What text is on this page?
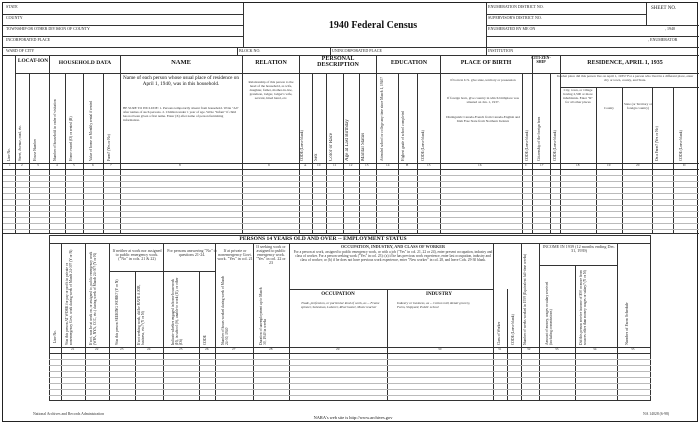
STATE
COUNTY
TOWNSHIP OR OTHER DIVISION OF COUNTY
INCORPORATED PLACE
WARD OF CITY	BLOCK NO.	UNINCORPORATED PLACE
1940 Federal Census
ENUMERATION DISTRICT NO.
SUPERVISOR'S DISTRICT NO.
ENUMERATED BY ME ON	, 1940
, ENUMERATOR
INSTITUTION
SHEET NO.
LOCAT-ION	HOUSEHOLD DATA	NAME	RELATION
PERSONAL DESCRIPTION	EDUCATION	PLACE OF BIRTH
CITI-ZEN-SHIP	RESIDENCE, APRIL 1, 1935
Name of each person whose usual place of residence on April 1, 1940, was in this household.
BE SURE TO INCLUDE: 1. Persons temporarily absent from household. Write "Ab" after names of such persons. 2. Children under 1 year of age. Write "Infant" if child has not been given a first name. Enter (X) after name of person furnishing information.
Relationship of this person to the head of the household, as wife, daughter, father, mother-in-law, grandson, lodger, lodger's wife, servant, hired hand, etc.
If born in U.S. give state, territory or possession
If foreign born, give country in which birthplace was situated on Jan. 1, 1937.
Distinguish: Canada-French from Canada-English and Irish Free State from Northern Ireland.
In what place did this person live on April 1, 1935? For a person who lived in a different place, enter city or town, county, and State.
City, town, or village having 2,500 or more inhabitants. Enter "R" for all other places
County
State (or Territory or foreign country)
Line No.	Street, Avenue, road, etc.	House Number	Number of household in order of visitation	Home owned (O) or rented (R)	Value of home or Monthly rental if rented	Farm? (Yes or No)	CODE (Leave blank)	Sex	Color or Race	Age at Last Birthday	Marital Status	Attended school or college any time since March 1, 1940?	Highest grade of school completed	CODE (Leave blank)	CODE (Leave blank)	Citizenship of the foreign born	CODE (Leave blank)	On a Farm? (Yes or No)	CODE (Leave blank)
1	2	3	4	5	6	7	8	9	A	10	11	12	13	14	B	15	16	C	17	18	19	20	D
PERSONS 14 YEARS OLD AND OVER -- EMPLOYMENT STATUS
Line No.	Was this person AT WORK for pay or profit in private or nonemergency Govt. work during week of March 24-30? (Y or N)	If not, was he at work on, or assigned to, public emergency work (WPA, NYA, CCC, etc.) during week of March 24-30? (Y or N)
If neither at work nor assigned to public emergency work. ("No" in cols. 21 & 22)
Was this person SEEKING WORK? (Y or N)	If not seeking work, did he HAVE A JOB, business, etc.? (Y or N)
For persons answering "No" to questions 21-24.
Indicate whether engaged in home housework (H), in school (S), unable to work (U), or other (Ot)	CODE
If at private or nonemergency Govt. work. "Yes" in col. 21
Number of hours worked during week of March 24-30, 1940
If seeking work or assigned to public emergency work. "Yes" in col. 22 or 23
Duration of unemployment up to March 30, 1940 in weeks
OCCUPATION, INDUSTRY, AND CLASS OF WORKER
For a person at work, assigned to public emergency work, or with a job ("Yes" in col. 21, 22 or 24), enter present occupation, industry and class of worker. For a person seeking work ("Yes" in col. 23): (a) if he has previous work experience, enter last occupation, industry and class of worker; or (b) if he does not have previous work experience, enter "New worker" in col. 28, and leave Cols. 29-30 blank.
OCCUPATION	INDUSTRY
Trade, profession, or particular kind of work, as -- Frame spinner, Salesman, Laborer, Rivet heater, Music teacher
Industry or business, as -- Cotton mill, Retail grocery, Farm, Shipyard, Public school
Class of Worker	CODE (Leave blank)	Number of weeks worked in 1939 (Equivalent full-time weeks)
INCOME IN 1939 (12 months ending Dec. 31, 1939)
Amount of money, wages or salary received (including commissions)	Did this person receive income of $50 or more from sources other than money wages or salary? (Y or N)	Number of Farm Schedule
21	22	23	24	25	26	27	28	29	30	31	32	33	34	35
National Archives and Records Administration
NARA's web site is http://www.archives.gov
NA 14028 (6-98)
